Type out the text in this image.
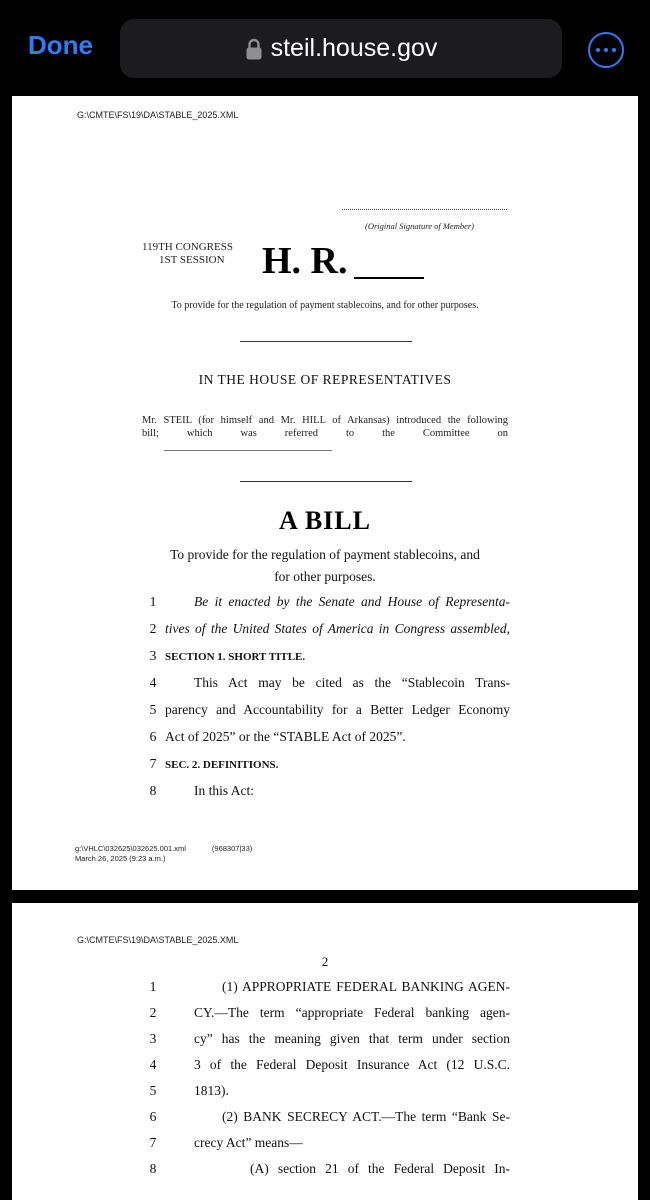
Done	steil.house.gov
G:\CMTE\FS\19\DA\STABLE_2025.XML
(Original Signature of Member)
119TH CONGRESS
1ST SESSION H. R.
To provide for the regulation of payment stablecoins, and for other purposes.
IN THE HOUSE OF REPRESENTATIVES
Mr. STEIL (for himself and Mr. HILL of Arkansas) introduced the following
bill;	which	was	referred	to	the	Committee	on
A BILL
To provide for the regulation of payment stablecoins, and
for other purposes.
1	Be it enacted by the Senate and House of Representa-
2 tives of the United States of America in Congress assembled,
3 SECTION 1. SHORT TITLE.
4	This Act may be cited as the “Stablecoin Trans-
5 parency and Accountability for a Better Ledger Economy
6 Act of 2025” or the “STABLE Act of 2025”.
7 SEC. 2. DEFINITIONS.
8	In this Act:
g:\VHLC\032625\032625.001.xml	(968307|33)
March 26, 2025 (9:23 a.m.)
G:\CMTE\FS\19\DA\STABLE_2025.XML
2
1	(1) APPROPRIATE FEDERAL BANKING AGEN-
2	CY.—The term “appropriate Federal banking agen-
3	cy” has the meaning given that term under section
4	3 of the Federal Deposit Insurance Act (12 U.S.C.
5	1813).
6	(2) BANK SECRECY ACT.—The term “Bank Se-
7	crecy Act” means—
8	(A) section 21 of the Federal Deposit In-
